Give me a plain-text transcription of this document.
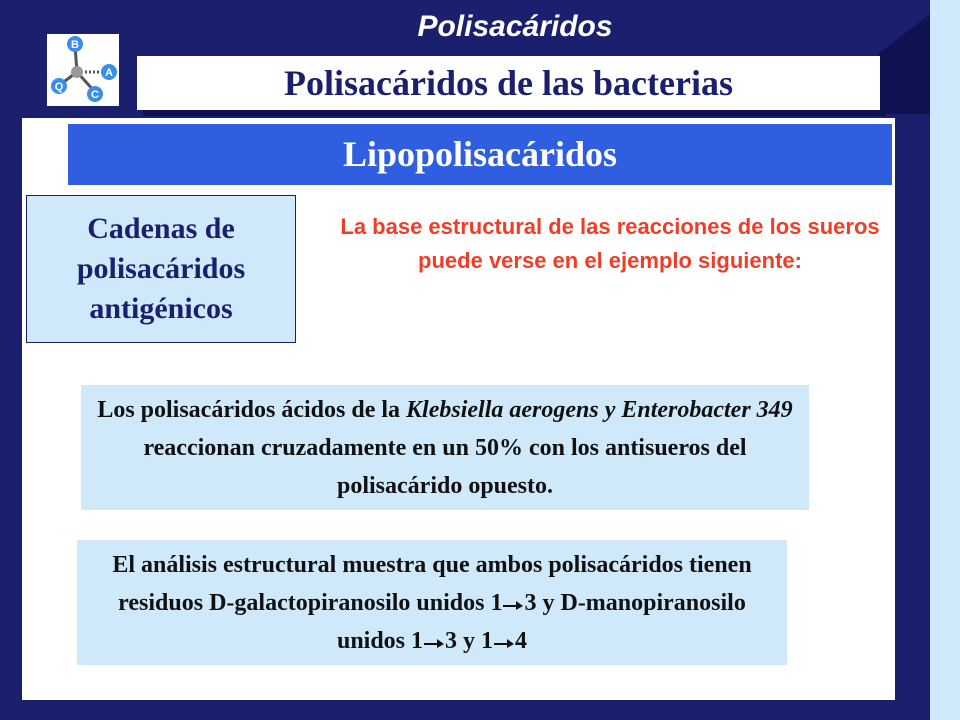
B
A
C
Q

Polisacáridos

Polisacáridos de las bacterias

Lipopolisacáridos

Cadenas de
polisacáridos
antigénicos

La base estructural de las reacciones de los sueros puede verse en el ejemplo siguiente:

Los polisacáridos ácidos de la Klebsiella aerogens y Enterobacter 349 reaccionan cruzadamente en un 50% con los antisueros del polisacárido opuesto.

El análisis estructural muestra que ambos polisacáridos tienen residuos D-galactopiranosilo unidos 1 3 y D-manopiranosilo unidos 1 3 y 1 4
